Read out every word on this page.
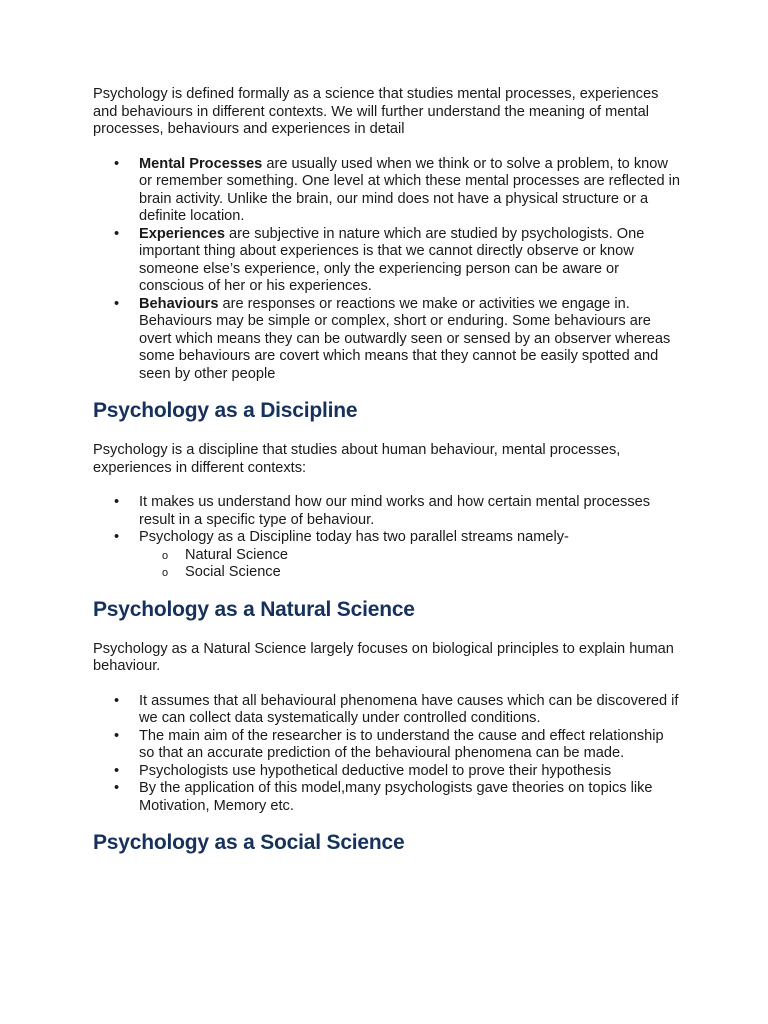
Psychology is defined formally as a science that studies mental processes, experiences and behaviours in different contexts. We will further understand the meaning of mental processes, behaviours and experiences in detail

• Mental Processes are usually used when we think or to solve a problem, to know or remember something. One level at which these mental processes are reflected in brain activity. Unlike the brain, our mind does not have a physical structure or a definite location.
• Experiences are subjective in nature which are studied by psychologists. One important thing about experiences is that we cannot directly observe or know someone else’s experience, only the experiencing person can be aware or conscious of her or his experiences.
• Behaviours are responses or reactions we make or activities we engage in. Behaviours may be simple or complex, short or enduring. Some behaviours are overt which means they can be outwardly seen or sensed by an observer whereas some behaviours are covert which means that they cannot be easily spotted and seen by other people
Psychology as a Discipline

Psychology is a discipline that studies about human behaviour, mental processes, experiences in different contexts:

• It makes us understand how our mind works and how certain mental processes result in a specific type of behaviour.
• Psychology as a Discipline today has two parallel streams namely-
o Natural Science
o Social Science
Psychology as a Natural Science

Psychology as a Natural Science largely focuses on biological principles to explain human behaviour.

• It assumes that all behavioural phenomena have causes which can be discovered if we can collect data systematically under controlled conditions.
• The main aim of the researcher is to understand the cause and effect relationship so that an accurate prediction of the behavioural phenomena can be made.
• Psychologists use hypothetical deductive model to prove their hypothesis
• By the application of this model,many psychologists gave theories on topics like Motivation, Memory etc.
Psychology as a Social Science
